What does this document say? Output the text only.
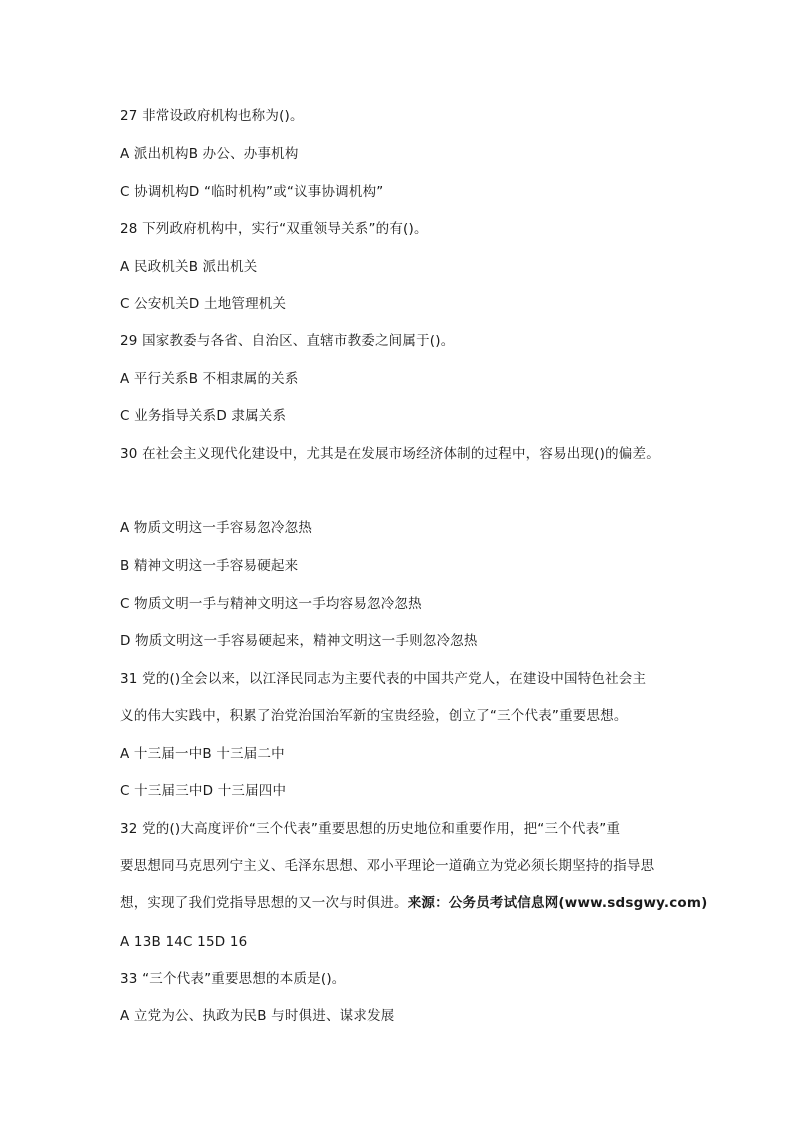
27 非常设政府机构也称为()。
A 派出机构B 办公、办事机构
C 协调机构D “临时机构”或“议事协调机构”
28 下列政府机构中，实行“双重领导关系”的有()。
A 民政机关B 派出机关
C 公安机关D 土地管理机关
29 国家教委与各省、自治区、直辖市教委之间属于()。
A 平行关系B 不相隶属的关系
C 业务指导关系D 隶属关系
30 在社会主义现代化建设中，尤其是在发展市场经济体制的过程中，容易出现()的偏差。
A 物质文明这一手容易忽冷忽热
B 精神文明这一手容易硬起来
C 物质文明一手与精神文明这一手均容易忽冷忽热
D 物质文明这一手容易硬起来，精神文明这一手则忽冷忽热
31 党的()全会以来，以江泽民同志为主要代表的中国共产党人，在建设中国特色社会主
义的伟大实践中，积累了治党治国治军新的宝贵经验，创立了“三个代表”重要思想。
A 十三届一中B 十三届二中
C 十三届三中D 十三届四中
32 党的()大高度评价“三个代表”重要思想的历史地位和重要作用，把“三个代表”重
要思想同马克思列宁主义、毛泽东思想、邓小平理论一道确立为党必须长期坚持的指导思
想，实现了我们党指导思想的又一次与时俱进。来源：公务员考试信息网(www.sdsgwy.com)
A 13B 14C 15D 16
33 “三个代表”重要思想的本质是()。
A 立党为公、执政为民B 与时俱进、谋求发展
